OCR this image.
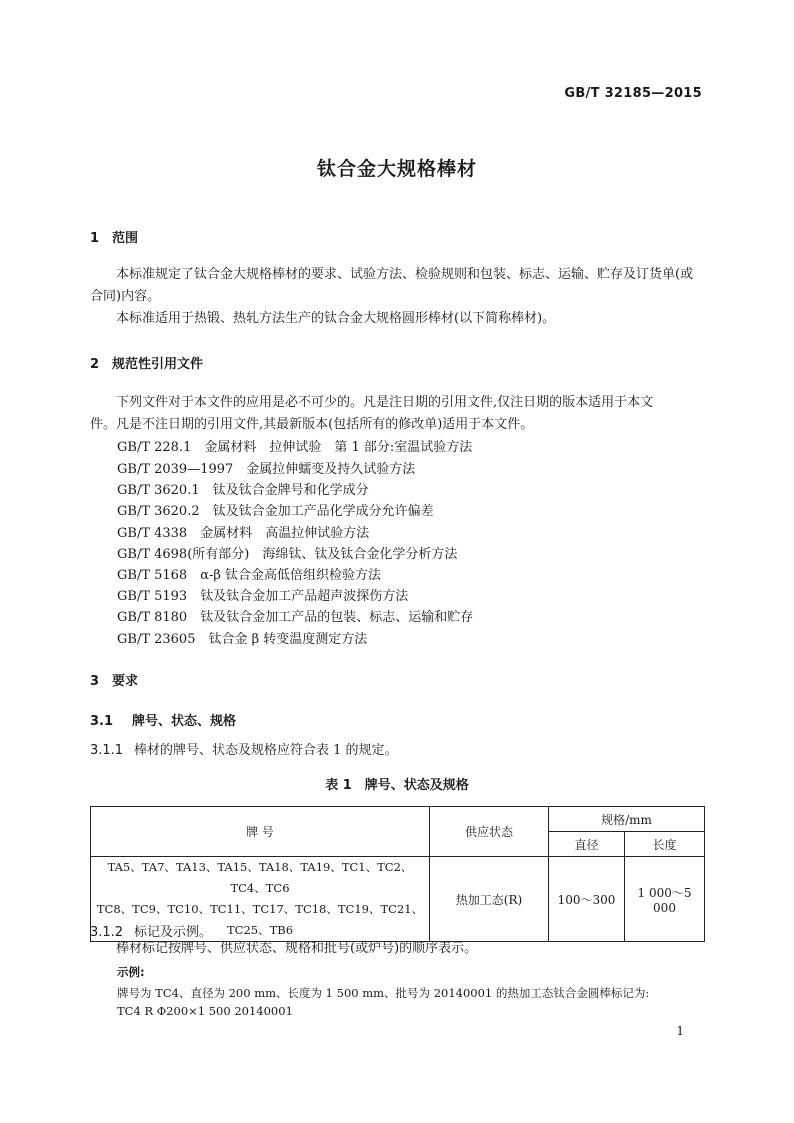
GB/T 32185—2015
钛合金大规格棒材
1 范围
本标准规定了钛合金大规格棒材的要求、试验方法、检验规则和包装、标志、运输、贮存及订货单(或
合同)内容。
本标准适用于热锻、热轧方法生产的钛合金大规格圆形棒材(以下简称棒材)。
2 规范性引用文件
下列文件对于本文件的应用是必不可少的。凡是注日期的引用文件,仅注日期的版本适用于本文
件。凡是不注日期的引用文件,其最新版本(包括所有的修改单)适用于本文件。
GB/T 228.1　金属材料　拉伸试验　第 1 部分:室温试验方法
GB/T 2039—1997　金属拉伸蠕变及持久试验方法
GB/T 3620.1　钛及钛合金牌号和化学成分
GB/T 3620.2　钛及钛合金加工产品化学成分允许偏差
GB/T 4338　金属材料　高温拉伸试验方法
GB/T 4698(所有部分)　海绵钛、钛及钛合金化学分析方法
GB/T 5168　α-β 钛合金高低倍组织检验方法
GB/T 5193　钛及钛合金加工产品超声波探伤方法
GB/T 8180　钛及钛合金加工产品的包装、标志、运输和贮存
GB/T 23605　钛合金 β 转变温度测定方法
3 要求
3.1 牌号、状态、规格
3.1.1 棒材的牌号、状态及规格应符合表 1 的规定。
表 1　牌号、状态及规格
牌 号	供应状态	规格/mm	
		直径	长度

TA5、TA7、TA13、TA15、TA18、TA19、TC1、TC2、TC4、TC6
TC8、TC9、TC10、TC11、TC17、TC18、TC19、TC21、TC25、TB6	热加工态(R)	100～300	1 000～5 000
3.1.2 标记及示例。
棒材标记按牌号、供应状态、规格和批号(或炉号)的顺序表示。
示例:
牌号为 TC4、直径为 200 mm、长度为 1 500 mm、批号为 20140001 的热加工态钛合金圆棒标记为:
TC4 R Φ200×1 500 20140001
1
